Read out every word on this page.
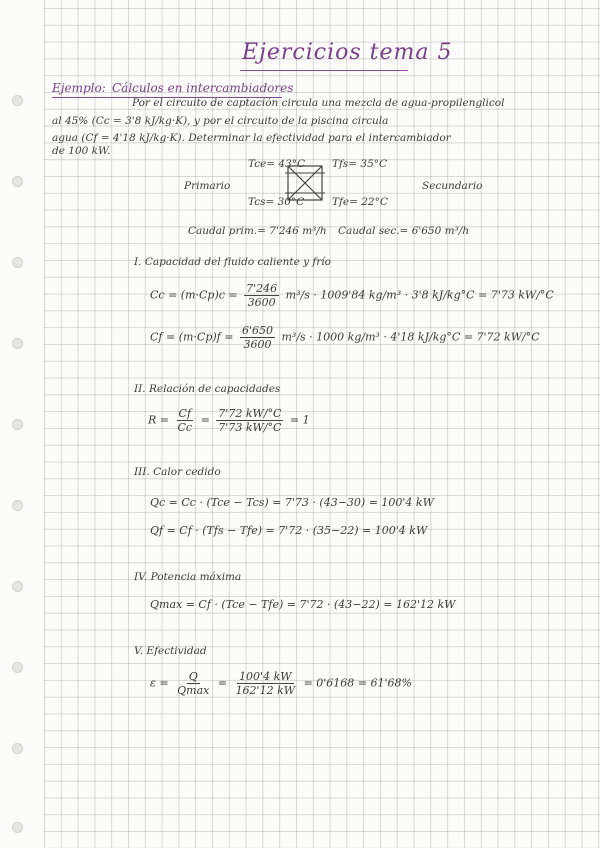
Ejercicios tema 5
Ejemplo: Cálculos en intercambiadores
Por el circuito de captación circula una mezcla de agua-propilenglicol
al 45% (Cc = 3'8 kJ/kg·K), y por el circuito de la piscina circula
agua (Cf = 4'18 kJ/kg·K). Determinar la efectividad para el intercambiador
de 100 kW.
Tce= 43°C
Tcs= 30°C
Tfs= 35°C
Tfe= 22°C
Primario	Secundario
Caudal prim.= 7'246 m³/h Caudal sec.= 6'650 m³/h
I. Capacidad del fluido caliente y frío
$Cc = (m\cdot Cp)c = \frac{7'246}{3600} m^3/s \cdot 1009'84$ kg/m³ · 3'8 kJ/kg°C = 7'73 kW/°C
$Cf = (m\cdot Cp)f = \frac{6'650}{3600} m^3/s \cdot 1000$ kg/m³ · 4'18 kJ/kg°C = 7'72 kW/°C
II. Relación de capacidades
$R = \frac{Cf}{Cc} = \frac{7'72 kW/^\circ C}{7'73 kW/^\circ C} = 1$
III. Calor cedido
Qc = Cc · (Tce − Tcs) = 7'73 · (43−30) = 100'4 kW
Qf = Cf · (Tfs − Tfe) = 7'72 · (35−22) = 100'4 kW
IV. Potencia máxima
Qmax = Cf · (Tce − Tfe) = 7'72 · (43−22) = 162'12 kW
V. Efectividad
$\varepsilon = \frac{Q}{Qmax} = \frac{100'4 kW}{162'12 kW} = 0'6168 = 61'68\%$
